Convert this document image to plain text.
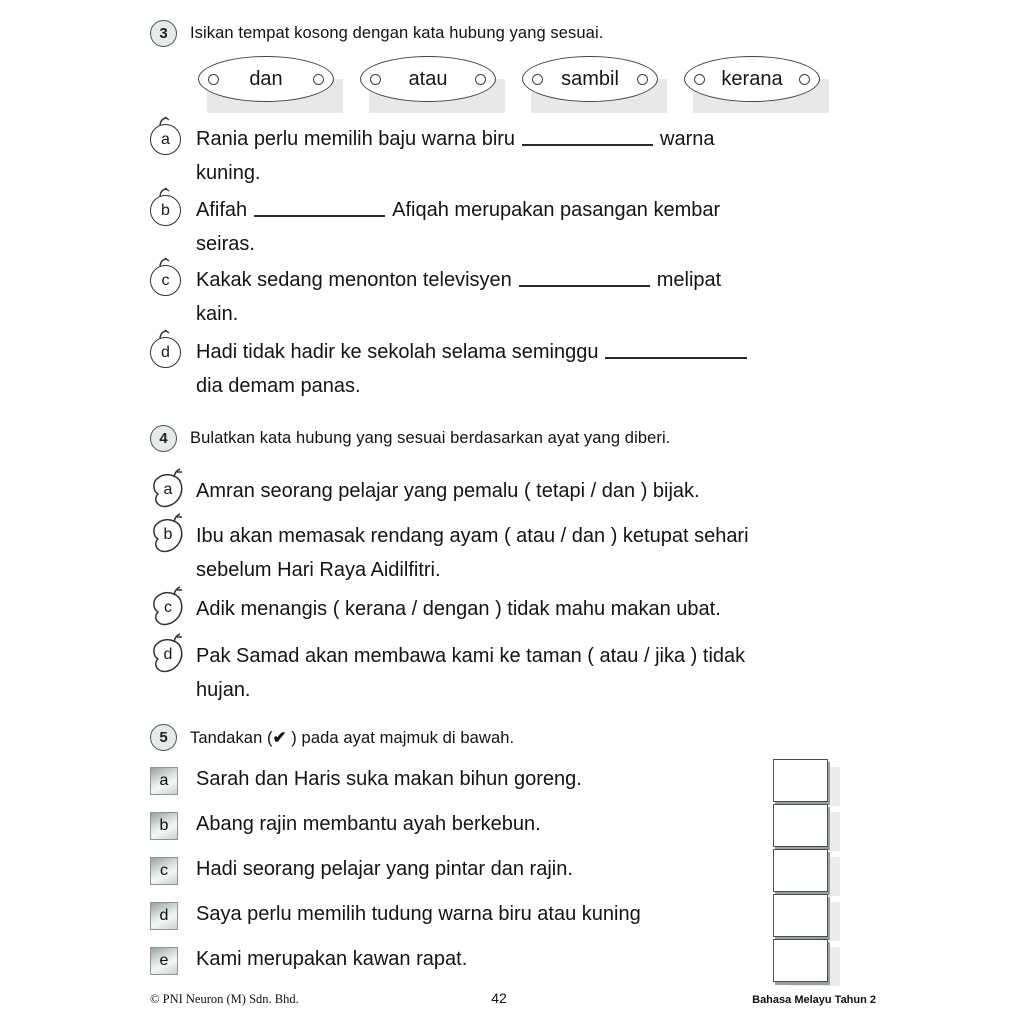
3	Isikan tempat kosong dengan kata hubung yang sesuai.
dan	atau	sambil	kerana
a	Rania perlu memilih baju warna biru	warna
kuning.
b	Afifah	Afiqah merupakan pasangan kembar
seiras.
c	Kakak sedang menonton televisyen	melipat
kain.
d	Hadi tidak hadir ke sekolah selama seminggu
dia demam panas.
4	Bulatkan kata hubung yang sesuai berdasarkan ayat yang diberi.
a Amran seorang pelajar yang pemalu ( tetapi / dan ) bijak.

b Ibu akan memasak rendang ayam ( atau / dan ) ketupat sehari
sebelum Hari Raya Aidilfitri.
c Adik menangis ( kerana / dengan ) tidak mahu makan ubat.

d Pak Samad akan membawa kami ke taman ( atau / jika ) tidak
hujan.
5	Tandakan (✔ ) pada ayat majmuk di bawah.
a	Sarah dan Haris suka makan bihun goreng.
b	Abang rajin membantu ayah berkebun.
c	Hadi seorang pelajar yang pintar dan rajin.
d	Saya perlu memilih tudung warna biru atau kuning
e	Kami merupakan kawan rapat.
© PNI Neuron (M) Sdn. Bhd.	42	Bahasa Melayu Tahun 2
